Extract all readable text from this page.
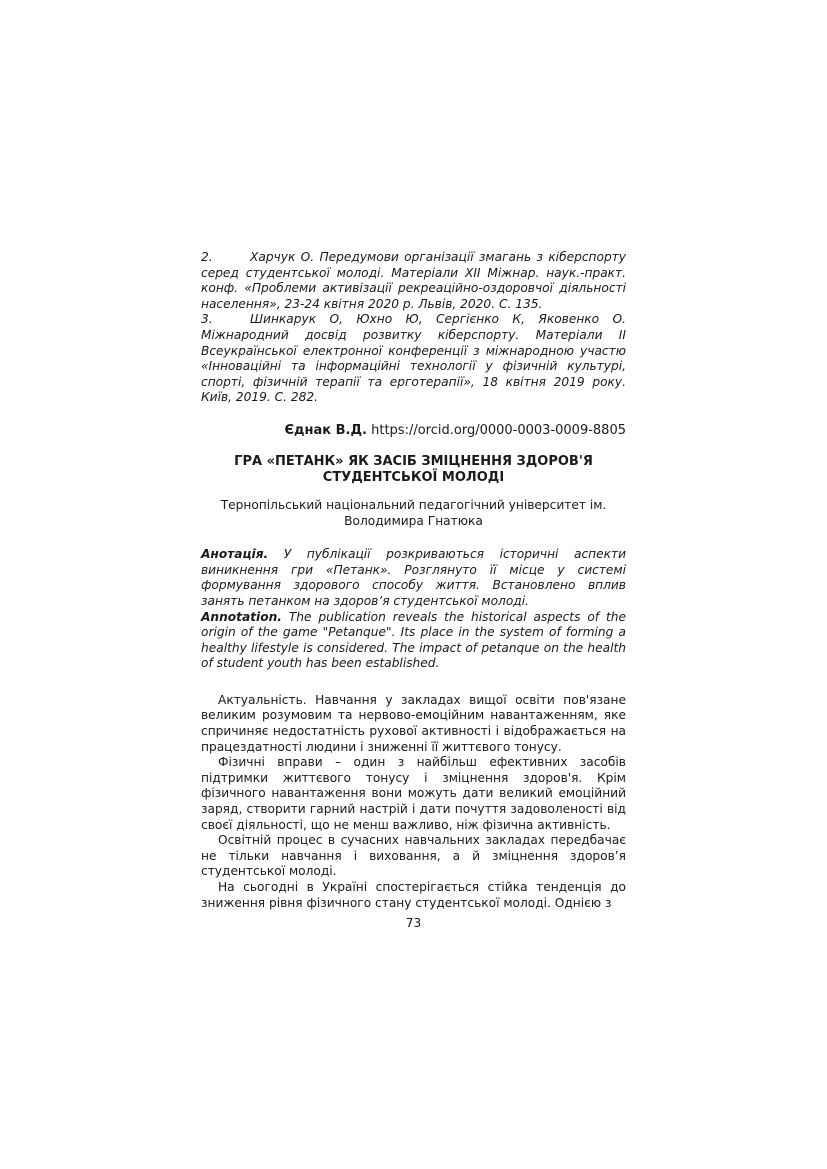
2.	Харчук О. Передумови організації змагань з кіберспорту серед студентської молоді. Матеріали XII Міжнар. наук.-практ. конф. «Проблеми активізації рекреаційно-оздоровчої діяльності населення», 23-24 квітня 2020 р. Львів, 2020. С. 135.

3.	Шинкарук О, Юхно Ю, Сергієнко К, Яковенко О. Міжнародний досвід розвитку кіберспорту. Матеріали II Всеукраїнської електронної конференції з міжнародною участю «Інноваційні та інформаційні технології у фізичній культурі, спорті, фізичній терапії та ерготерапії», 18 квітня 2019 року. Київ, 2019. С. 282.

Єднак В.Д. https://orcid.org/0000-0003-0009-8805

ГРА «ПЕТАНК» ЯК ЗАСІБ ЗМІЦНЕННЯ ЗДОРОВ'Я СТУДЕНТСЬКОЇ МОЛОДІ

Тернопільський національний педагогічний університет ім. Володимира Гнатюка

Анотація. У публікації розкриваються історичні аспекти виникнення гри «Петанк». Розглянуто її місце у системі формування здорового способу життя. Встановлено вплив занять петанком на здоров’я студентської молоді.

Annotation. The publication reveals the historical aspects of the origin of the game "Petanque". Its place in the system of forming a healthy lifestyle is considered. The impact of petanque on the health of student youth has been established.

Актуальність. Навчання у закладах вищої освіти пов'язане великим розумовим та нервово-емоційним навантаженням, яке спричиняє недостатність рухової активності і відображається на працездатності людини і зниженні її життєвого тонусу.

Фізичні вправи – один з найбільш ефективних засобів підтримки життєвого тонусу і зміцнення здоров'я. Крім фізичного навантаження вони можуть дати великий емоційний заряд, створити гарний настрій і дати почуття задоволеності від своєї діяльності, що не менш важливо, ніж фізична активність.

Освітній процес в сучасних навчальних закладах передбачає не тільки навчання і виховання, а й зміцнення здоров’я студентської молоді.

На сьогодні в Україні спостерігається стійка тенденція до зниження рівня фізичного стану студентської молоді. Однією з

73
